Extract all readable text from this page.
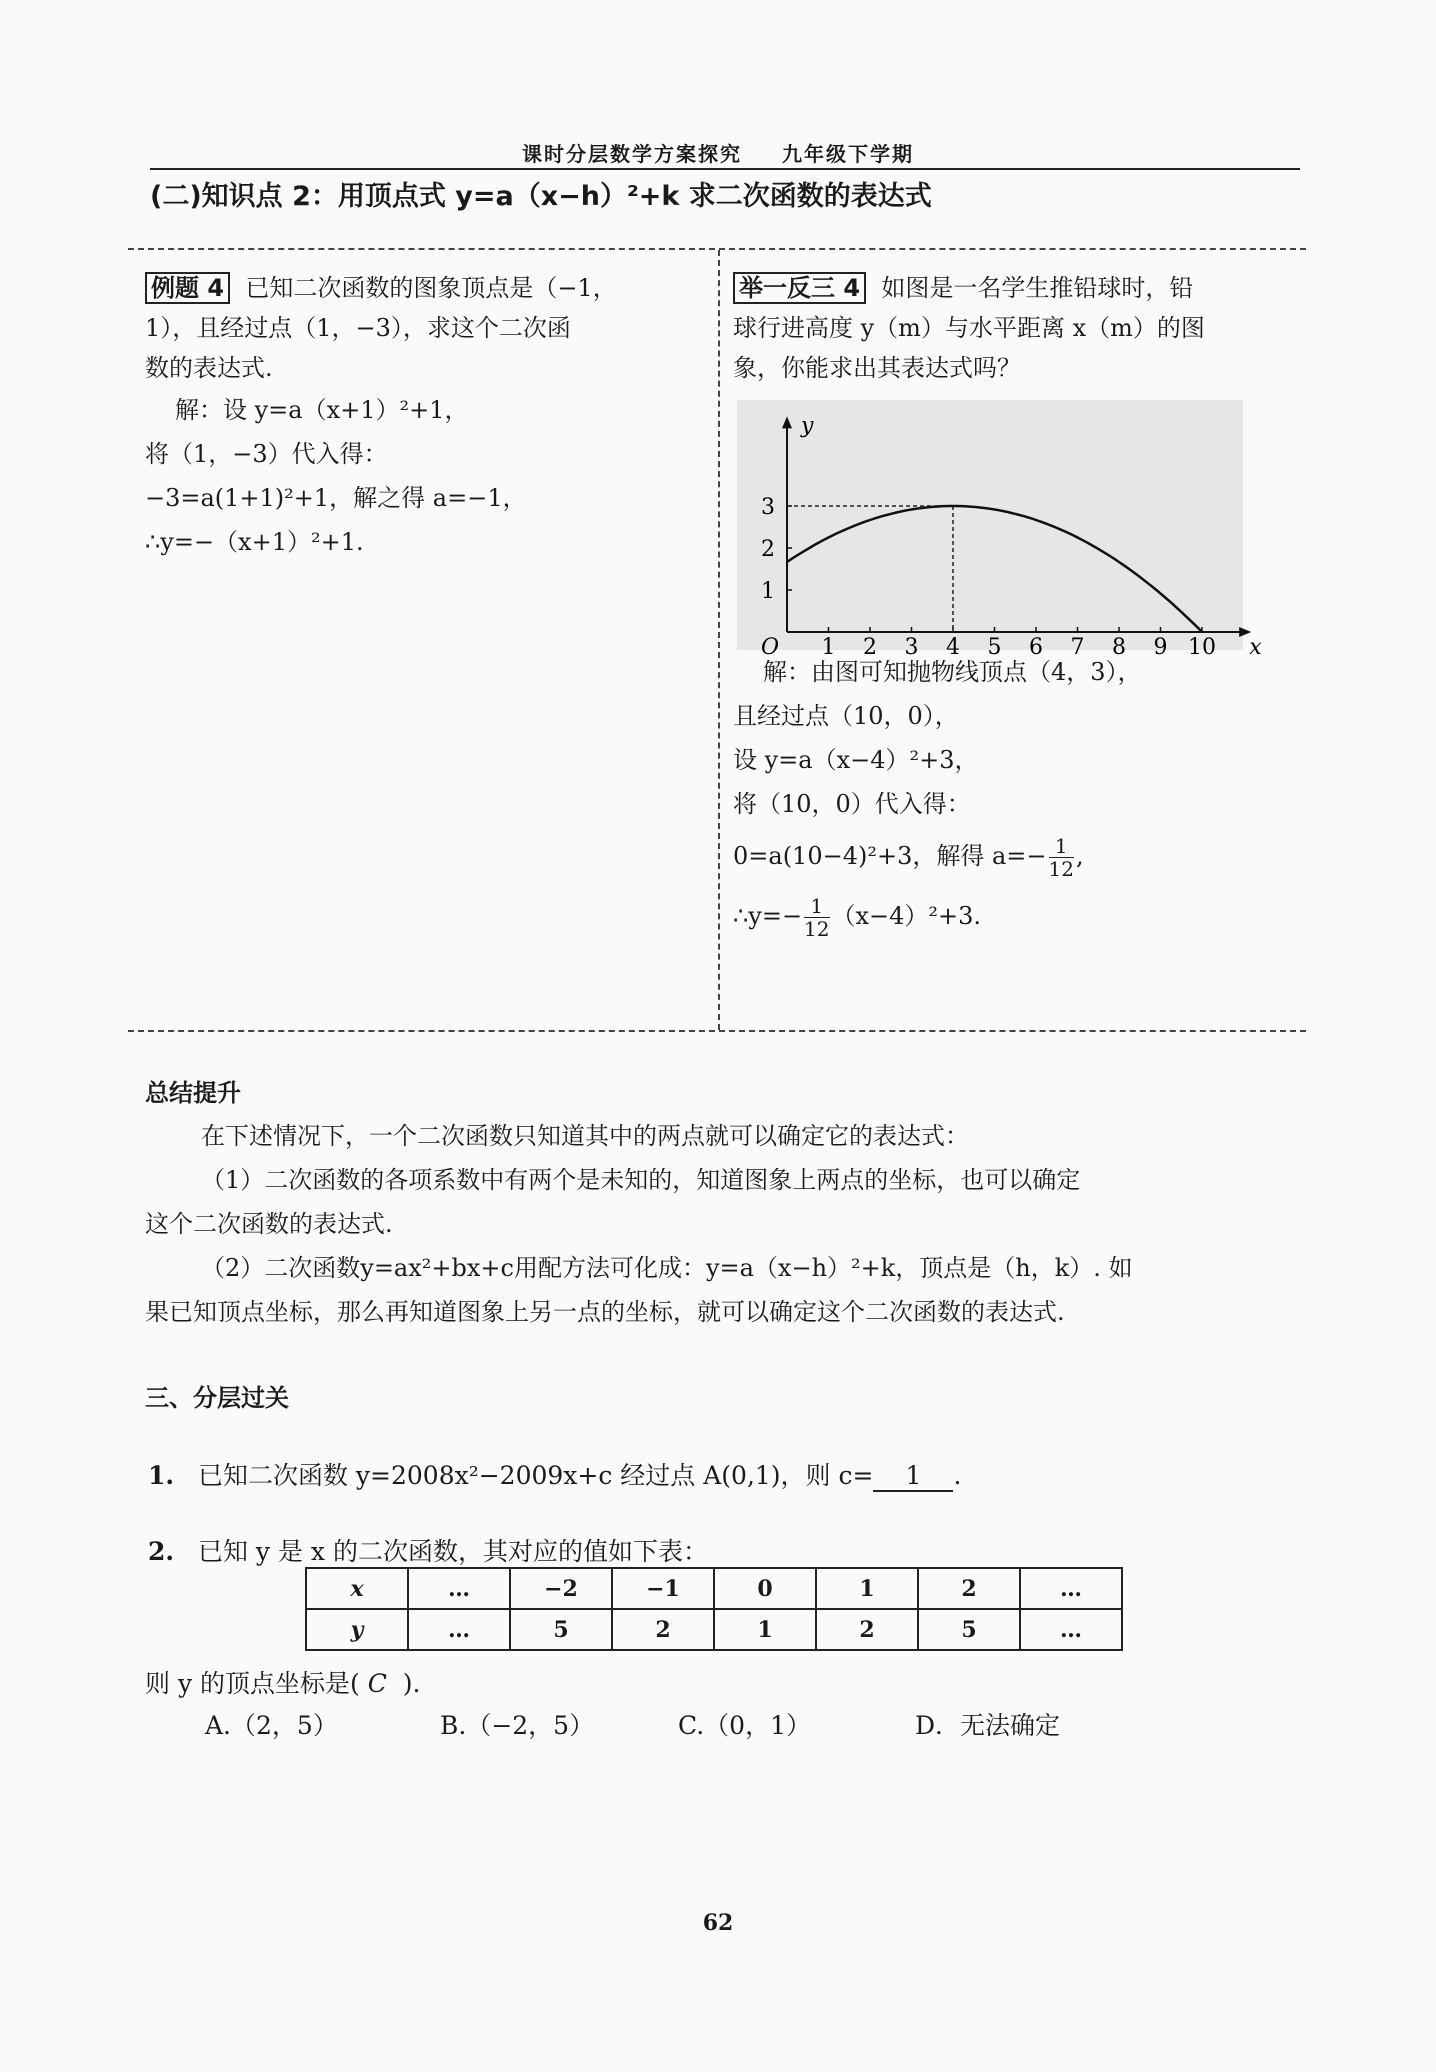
课时分层数学方案探究 九年级下学期
(二)知识点 2：用顶点式 y=a（x−h）²+k 求二次函数的表达式
例题 4 已知二次函数的图象顶点是（−1，
1），且经过点（1，−3），求这个二次函
数的表达式.
解：设 y=a（x+1）²+1，
将（1，−3）代入得：
−3=a(1+1)²+1，解之得 a=−1，
∴y=−（x+1）²+1.
举一反三 4 如图是一名学生推铅球时，铅
球行进高度 y（m）与水平距离 x（m）的图
象，你能求出其表达式吗？
1 2 3 4 5 6 7 8 9 10
1
2
3
O	x
y
解：由图可知抛物线顶点（4，3），
且经过点（10，0），
设 y=a（x−4）²+3，
将（10，0）代入得：
0=a(10−4)²+3，解得 $a=- \frac{1}{12}$ ,
∴y=− $\frac{1}{12} (x-4)^2+3$.
总结提升
在下述情况下，一个二次函数只知道其中的两点就可以确定它的表达式：
（1）二次函数的各项系数中有两个是未知的，知道图象上两点的坐标，也可以确定
这个二次函数的表达式.
（2）二次函数y=ax²+bx+c用配方法可化成：y=a（x−h）²+k，顶点是（h，k）. 如
果已知顶点坐标，那么再知道图象上另一点的坐标，就可以确定这个二次函数的表达式.
三、分层过关
1. 已知二次函数 y=2008x²−2009x+c 经过点 A(0,1)，则 c= 1 .
2. 已知 y 是 x 的二次函数，其对应的值如下表：
x	…	−2	−1	0	1	2	…
y	…	5	2	1	2	5	…
则 y 的顶点坐标是( C ).
A.（2，5）	B.（−2，5）	C.（0，1）	D．无法确定
62
